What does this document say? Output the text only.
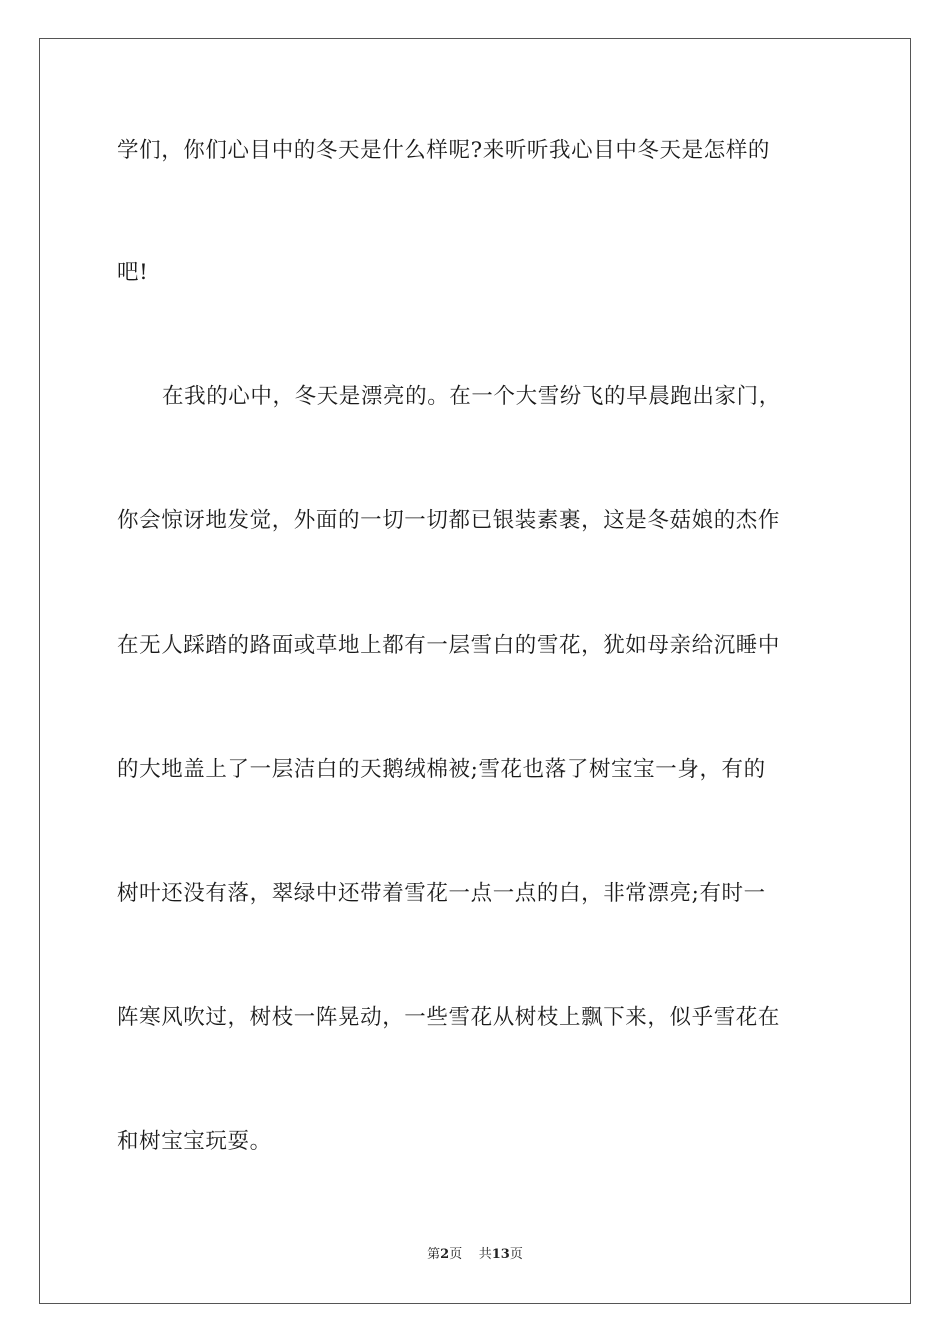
学们，你们心目中的冬天是什么样呢?来听听我心目中冬天是怎样的
吧!
在我的心中，冬天是漂亮的。在一个大雪纷飞的早晨跑出家门，
你会惊讶地发觉，外面的一切一切都已银装素裹，这是冬菇娘的杰作
在无人踩踏的路面或草地上都有一层雪白的雪花，犹如母亲给沉睡中
的大地盖上了一层洁白的天鹅绒棉被;雪花也落了树宝宝一身，有的
树叶还没有落，翠绿中还带着雪花一点一点的白，非常漂亮;有时一
阵寒风吹过，树枝一阵晃动，一些雪花从树枝上飘下来，似乎雪花在
和树宝宝玩耍。
第2页 共13页
